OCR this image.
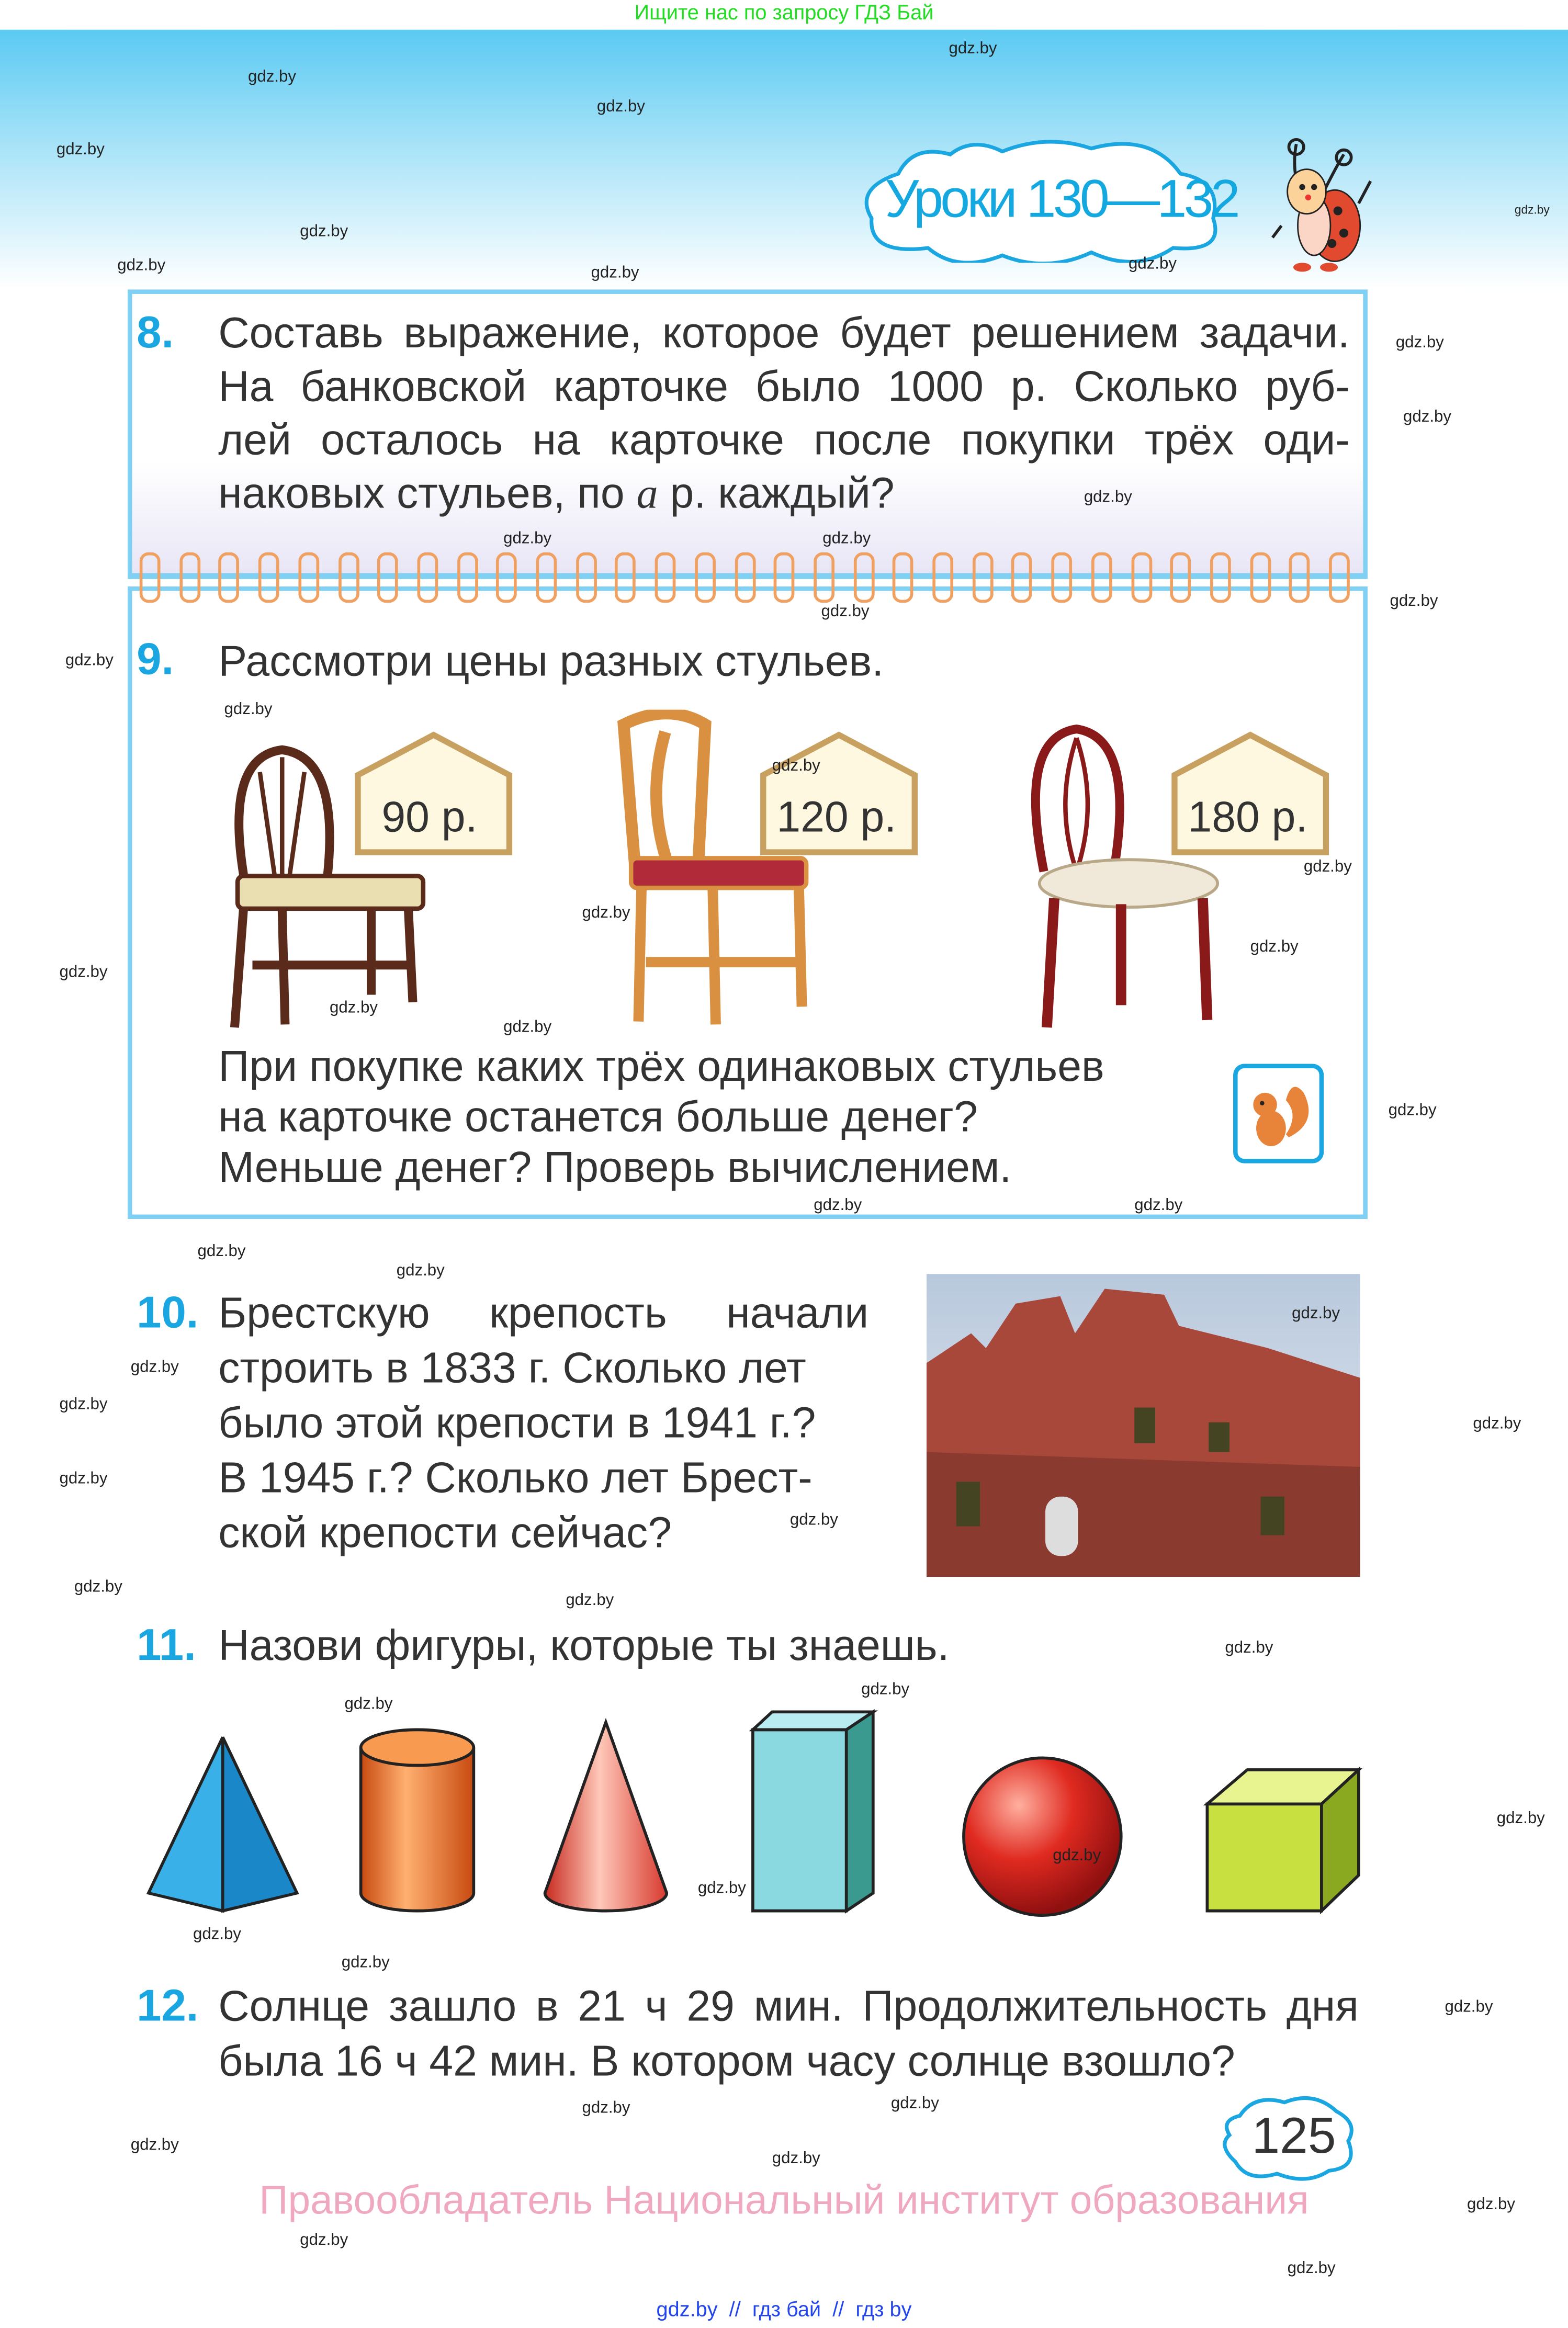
Ищите нас по запросу ГДЗ Бай
Уроки 130—132
8.	Составь выражение, которое будет решением задачи.
На банковской карточке было 1000 р. Сколько руб-
лей осталось на карточке после покупки трёх оди-
наковых стульев, по a р. каждый?
9.	Рассмотри цены разных стульев.
90 р.	120 р.	180 р.
При покупке каких трёх одинаковых стульев
на карточке останется больше денег?
Меньше денег? Проверь вычислением.
10. Брестскую крепость начали
строить в 1833 г. Сколько лет
было этой крепости в 1941 г.?
В 1945 г.? Сколько лет Брест-
ской крепости сейчас?
11. Назови фигуры, которые ты знаешь.
12. Солнце зашло в 21 ч 29 мин. Продолжительность дня
была 16 ч 42 мин. В котором часу солнце взошло?
125
Правообладатель Национальный институт образования
gdz.by  //  гдз бай  //  гдз by
gdz.by
gdz.by
gdz.by
gdz.by
gdz.by
gdz.by
gdz.by
gdz.by	gdz.by
gdz.by
gdz.by
gdz.by
gdz.by
gdz.by
gdz.by
gdz.by
gdz.by
gdz.by
gdz.by
gdz.by
gdz.by
gdz.by
gdz.by
gdz.by
gdz.by
gdz.by
gdz.by	gdz.by
gdz.by
gdz.by
gdz.by
gdz.by
gdz.by
gdz.by
gdz.by
gdz.by
gdz.by
gdz.by
gdz.by
gdz.by
gdz.by
gdz.by
gdz.by
gdz.by
gdz.by
gdz.by
gdz.by
gdz.by
gdz.by
gdz.by
gdz.by
gdz.by
gdz.by
gdz.by
